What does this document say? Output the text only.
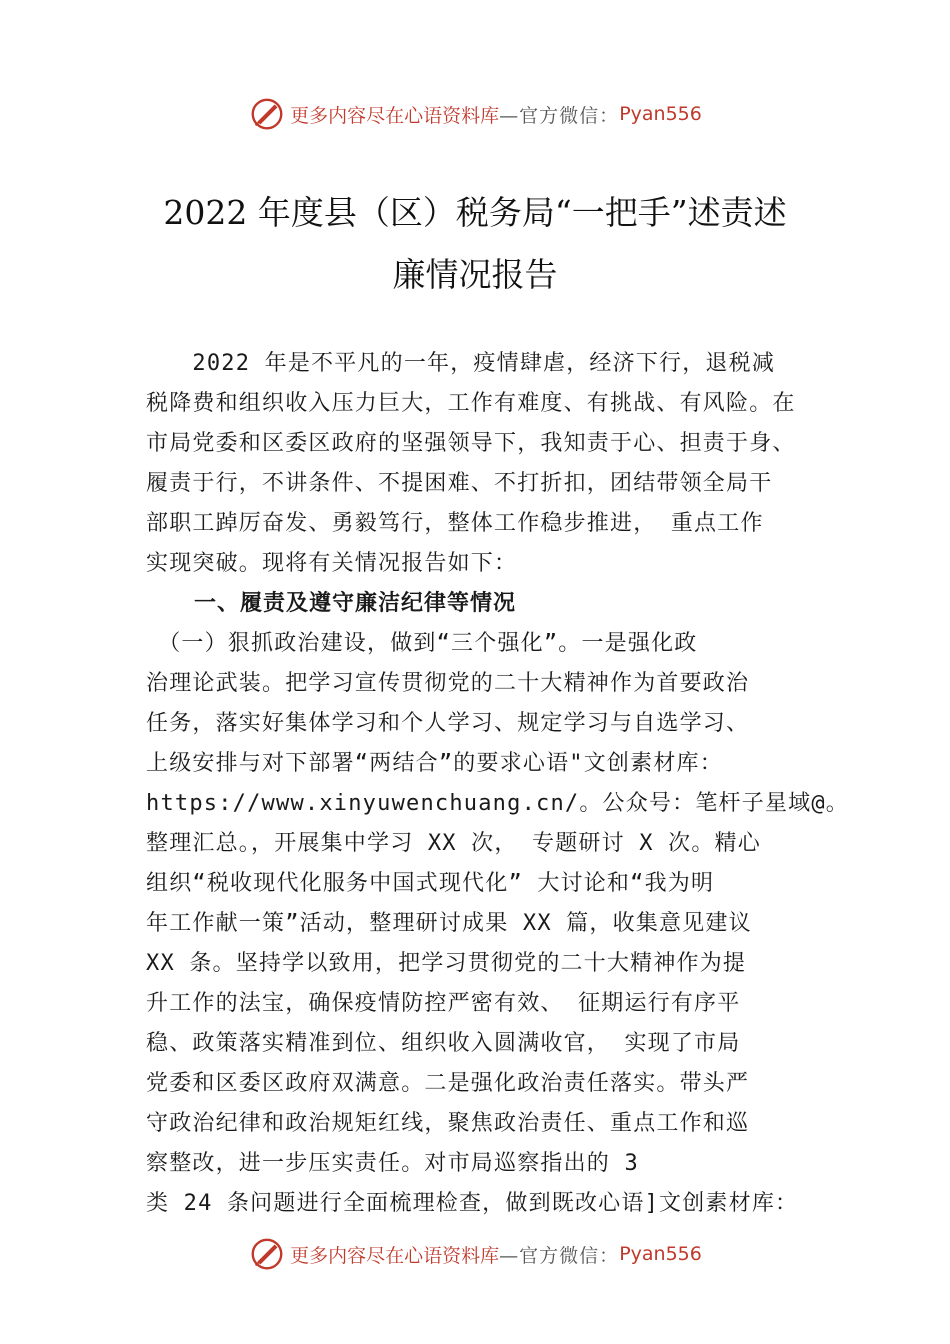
更多内容尽在心语资料库 —官方微信： Pyan556
2022 年度县（区）税务局“一把手”述责述
廉情况报告
　　2022 年是不平凡的一年，疫情肆虐，经济下行，退税减
税降费和组织收入压力巨大，工作有难度、有挑战、有风险。在
市局党委和区委区政府的坚强领导下，我知责于心、担责于身、
履责于行，不讲条件、不提困难、不打折扣，团结带领全局干
部职工踔厉奋发、勇毅笃行，整体工作稳步推进， 重点工作
实现突破。现将有关情况报告如下：
一、履责及遵守廉洁纪律等情况
　（一）狠抓政治建设，做到“三个强化”。一是强化政
治理论武装。把学习宣传贯彻党的二十大精神作为首要政治
任务，落实好集体学习和个人学习、规定学习与自选学习、
上级安排与对下部署“两结合”的要求心语"文创素材库：
https://www.xinyuwenchuang.cn/。公众号：笔杆子星域@。
整理汇总。，开展集中学习 XX 次， 专题研讨 X 次。精心
组织“税收现代化服务中国式现代化” 大讨论和“我为明
年工作献一策”活动，整理研讨成果 XX 篇，收集意见建议
XX 条。坚持学以致用，把学习贯彻党的二十大精神作为提
升工作的法宝，确保疫情防控严密有效、 征期运行有序平
稳、政策落实精准到位、组织收入圆满收官， 实现了市局
党委和区委区政府双满意。二是强化政治责任落实。带头严
守政治纪律和政治规矩红线，聚焦政治责任、重点工作和巡
察整改，进一步压实责任。对市局巡察指出的 3
类 24 条问题进行全面梳理检查，做到既改心语]文创素材库：
更多内容尽在心语资料库 —官方微信： Pyan556
